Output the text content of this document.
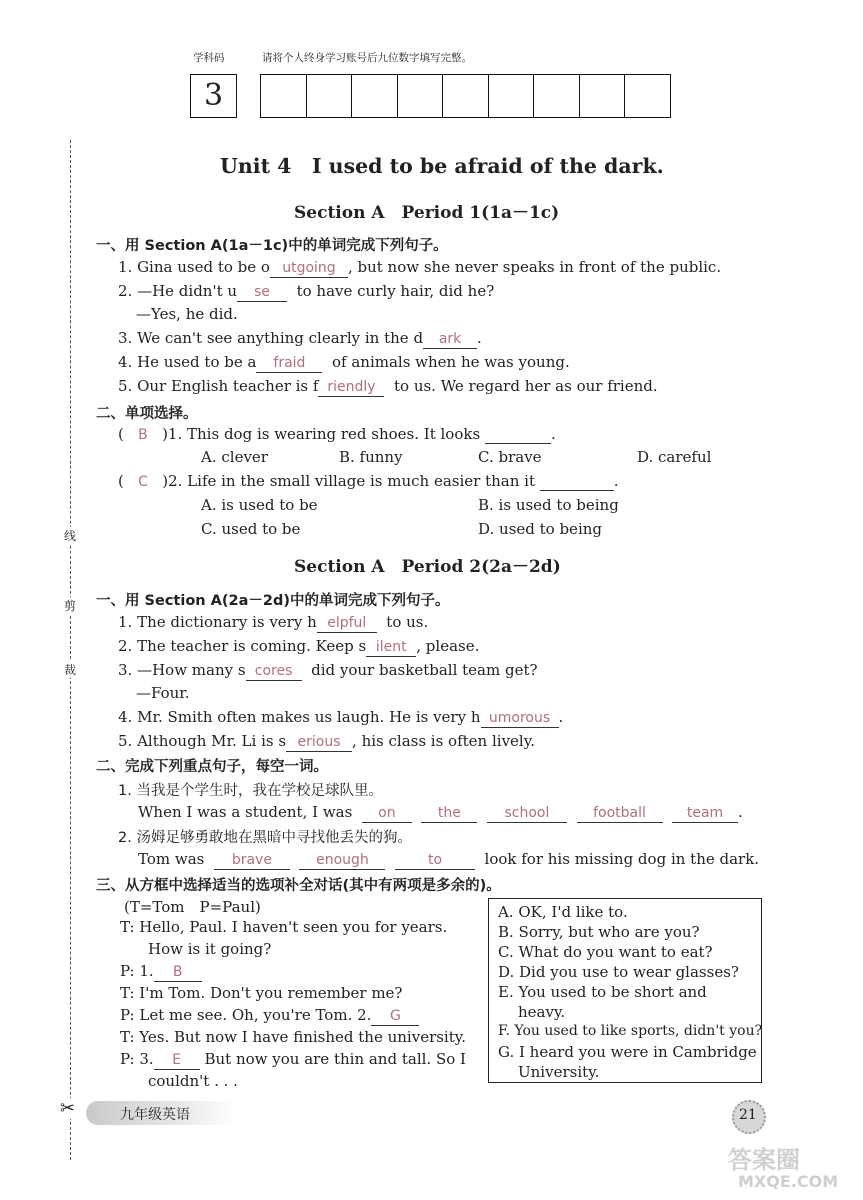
学科码	请将个人终身学习账号后九位数字填写完整。
3
线
剪
裁
✂
Unit 4　I used to be afraid of the dark.
Section A　Period 1(1a－1c)
一、用 Section A(1a－1c)中的单词完成下列句子。
1. Gina used to be o utgoing , but now she never speaks in front of the public.
2. —He didn't u se to have curly hair, did he?
—Yes, he did.
3. We can't see anything clearly in the d ark .
4. He used to be a fraid of animals when he was young.
5. Our English teacher is f riendly to us. We regard her as our friend.
二、单项选择。
(   B )1. This dog is wearing red shoes. It looks	.
A. clever	B. funny	C. brave	D. careful
(   C )2. Life in the small village is much easier than it	.
A. is used to be	B. is used to being
C. used to be	D. used to being
Section A　Period 2(2a－2d)
一、用 Section A(2a－2d)中的单词完成下列句子。
1. The dictionary is very h elpful to us.
2. The teacher is coming. Keep s ilent , please.
3. —How many s cores did your basketball team get?
—Four.
4. Mr. Smith often makes us laugh. He is very h umorous .
5. Although Mr. Li is s erious , his class is often lively.
二、完成下列重点句子，每空一词。
1. 当我是个学生时，我在学校足球队里。
When I was a student, I was on	the	school	football	team .
2. 汤姆足够勇敢地在黑暗中寻找他丢失的狗。
Tom was brave	enough	to	look for his missing dog in the dark.
三、从方框中选择适当的选项补全对话(其中有两项是多余的)。
(T=Tom　P=Paul)
T: Hello, Paul. I haven't seen you for years.
How is it going?
P: 1. B
T: I'm Tom. Don't you remember me?
P: Let me see. Oh, you're Tom. 2. G
T: Yes. But now I have finished the university.
P: 3. E But now you are thin and tall. So I
couldn't . . .
A. OK, I'd like to.
B. Sorry, but who are you?
C. What do you want to eat?
D. Did you use to wear glasses?
E. You used to be short and
heavy.
F. You used to like sports, didn't you?
G. I heard you were in Cambridge
University.
九年级英语	21
答案圈
MXQE.COM
